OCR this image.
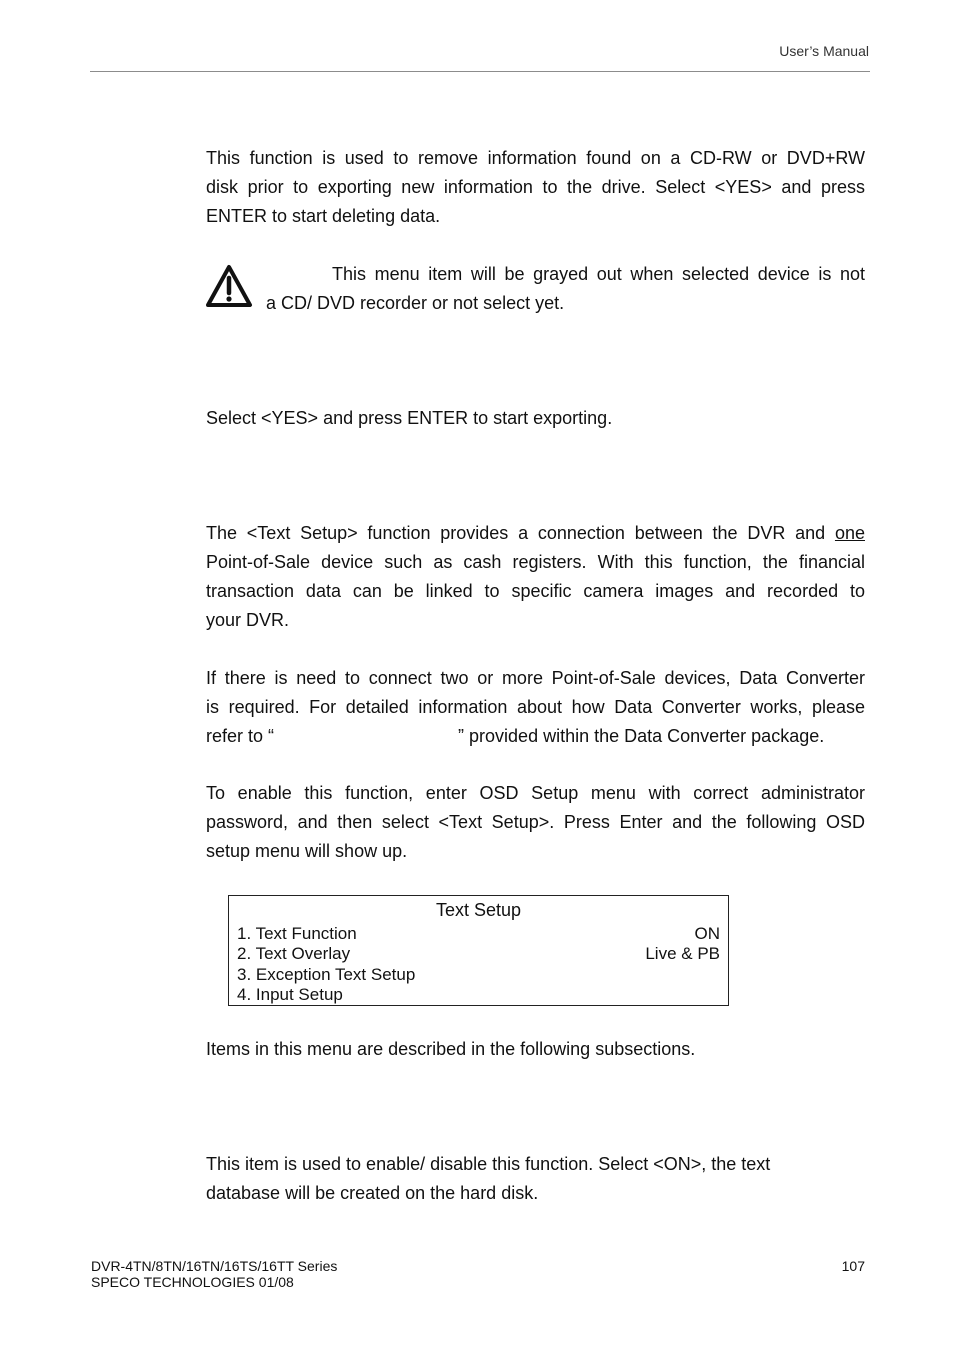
User’s Manual
This function is used to remove information found on a CD-RW or DVD+RW
disk prior to exporting new information to the drive. Select <YES> and press
ENTER to start deleting data.
This menu item will be grayed out when selected device is not
a CD/ DVD recorder or not select yet.
Select <YES> and press ENTER to start exporting.
The <Text Setup> function provides a connection between the DVR and one
Point-of-Sale device such as cash registers. With this function, the financial
transaction data can be linked to specific camera images and recorded to
your DVR.
If there is need to connect two or more Point-of-Sale devices, Data Converter
is required. For detailed information about how Data Converter works, please
refer to “	” provided within the Data Converter package.
To enable this function, enter OSD Setup menu with correct administrator
password, and then select <Text Setup>. Press Enter and the following OSD
setup menu will show up.
Text Setup
1. Text Function	ON
2. Text Overlay	Live & PB
3. Exception Text Setup
4. Input Setup
Items in this menu are described in the following subsections.
This item is used to enable/ disable this function. Select <ON>, the text
database will be created on the hard disk.
DVR-4TN/8TN/16TN/16TS/16TT Series
SPECO TECHNOLOGIES 01/08
107
